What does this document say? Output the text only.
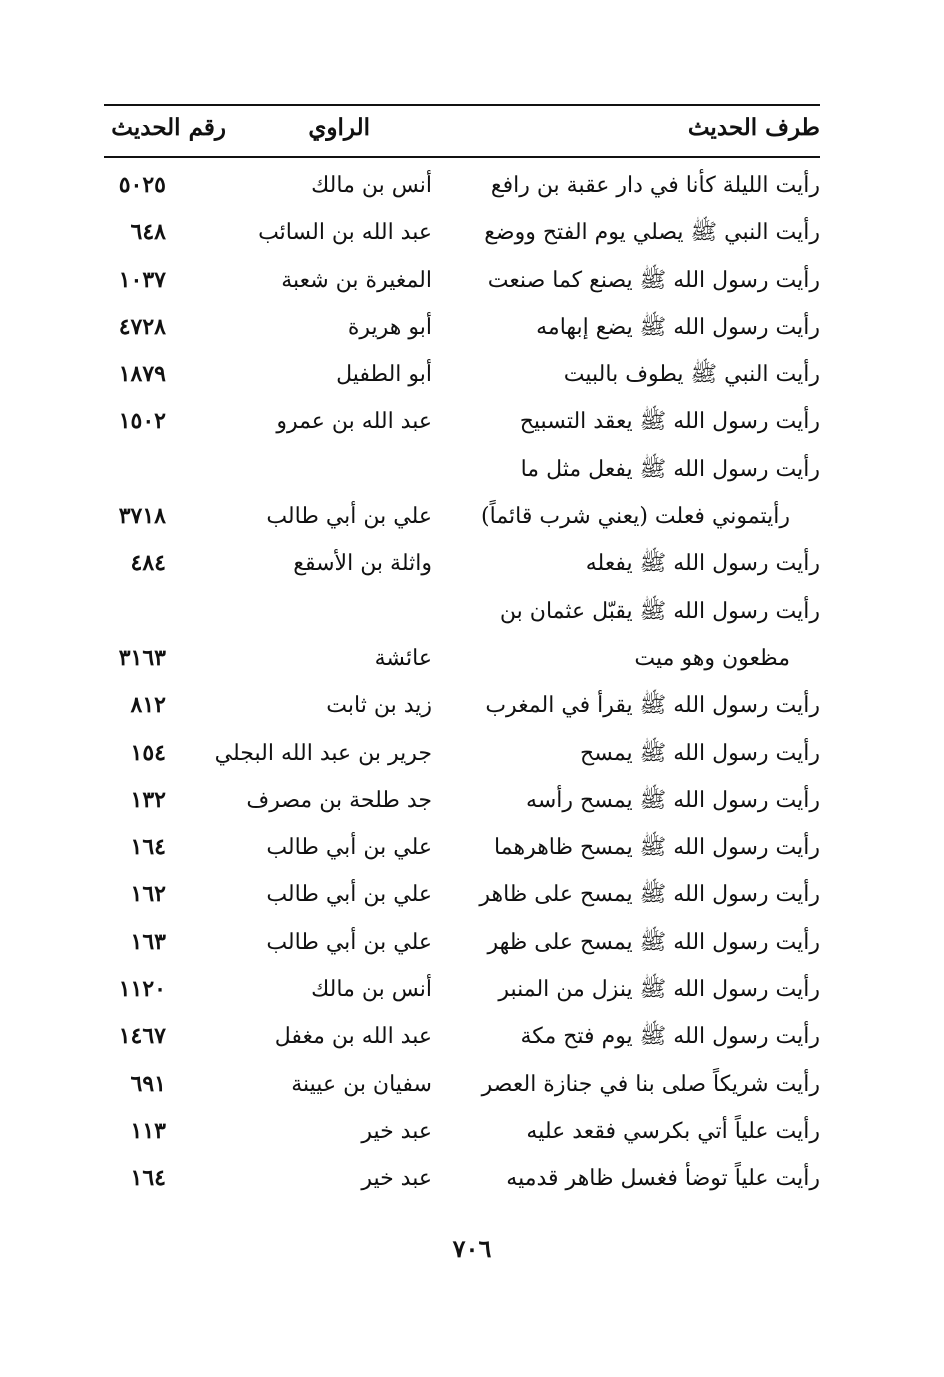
طرف الحديث
الراوي
رقم الحديث
رأيت الليلة كأنا في دار عقبة بن رافع
أنس بن مالك
٥٠٢٥
رأيت النبي ﷺ يصلي يوم الفتح ووضع
عبد الله بن السائب
٦٤٨
رأيت رسول الله ﷺ يصنع كما صنعت
المغيرة بن شعبة
١٠٣٧
رأيت رسول الله ﷺ يضع إبهامه
أبو هريرة
٤٧٢٨
رأيت النبي ﷺ يطوف بالبيت
أبو الطفيل
١٨٧٩
رأيت رسول الله ﷺ يعقد التسبيح
عبد الله بن عمرو
١٥٠٢
رأيت رسول الله ﷺ يفعل مثل ما
رأيتموني فعلت (يعني شرب قائماً)
علي بن أبي طالب
٣٧١٨
رأيت رسول الله ﷺ يفعله
واثلة بن الأسقع
٤٨٤
رأيت رسول الله ﷺ يقبّل عثمان بن
مظعون وهو ميت
عائشة
٣١٦٣
رأيت رسول الله ﷺ يقرأ في المغرب
زيد بن ثابت
٨١٢
رأيت رسول الله ﷺ يمسح
جرير بن عبد الله البجلي
١٥٤
رأيت رسول الله ﷺ يمسح رأسه
جد طلحة بن مصرف
١٣٢
رأيت رسول الله ﷺ يمسح ظاهرهما
علي بن أبي طالب
١٦٤
رأيت رسول الله ﷺ يمسح على ظاهر
علي بن أبي طالب
١٦٢
رأيت رسول الله ﷺ يمسح على ظهر
علي بن أبي طالب
١٦٣
رأيت رسول الله ﷺ ينزل من المنبر
أنس بن مالك
١١٢٠
رأيت رسول الله ﷺ يوم فتح مكة
عبد الله بن مغفل
١٤٦٧
رأيت شريكاً صلى بنا في جنازة العصر
سفيان بن عيينة
٦٩١
رأيت علياً أتي بكرسي فقعد عليه
عبد خير
١١٣
رأيت علياً توضأ فغسل ظاهر قدميه
عبد خير
١٦٤
٧٠٦
